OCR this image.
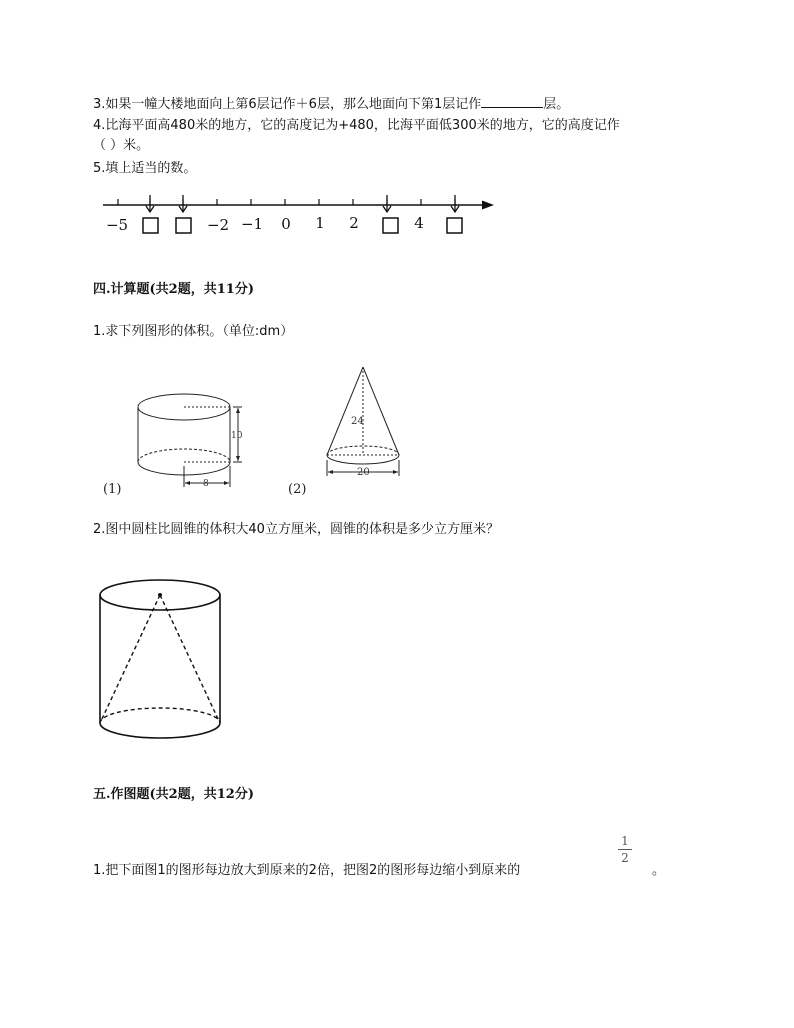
3.如果一幢大楼地面向上第6层记作＋6层，那么地面向下第1层记作	层。
4.比海平面高480米的地方，它的高度记为+480，比海平面低300米的地方，它的高度记作
（ ）米。
5.填上适当的数。
−5	−2 −1 0 1 2	4
四.计算题(共2题，共11分)
1.求下列图形的体积。（单位:dm）
10
8
(1)
24
20
(2)
2.图中圆柱比圆锥的体积大40立方厘米，圆锥的体积是多少立方厘米？
五.作图题(共2题，共12分)
1.把下面图1的图形每边放大到原来的2倍，把图2的图形每边缩小到原来的
1
2
。
